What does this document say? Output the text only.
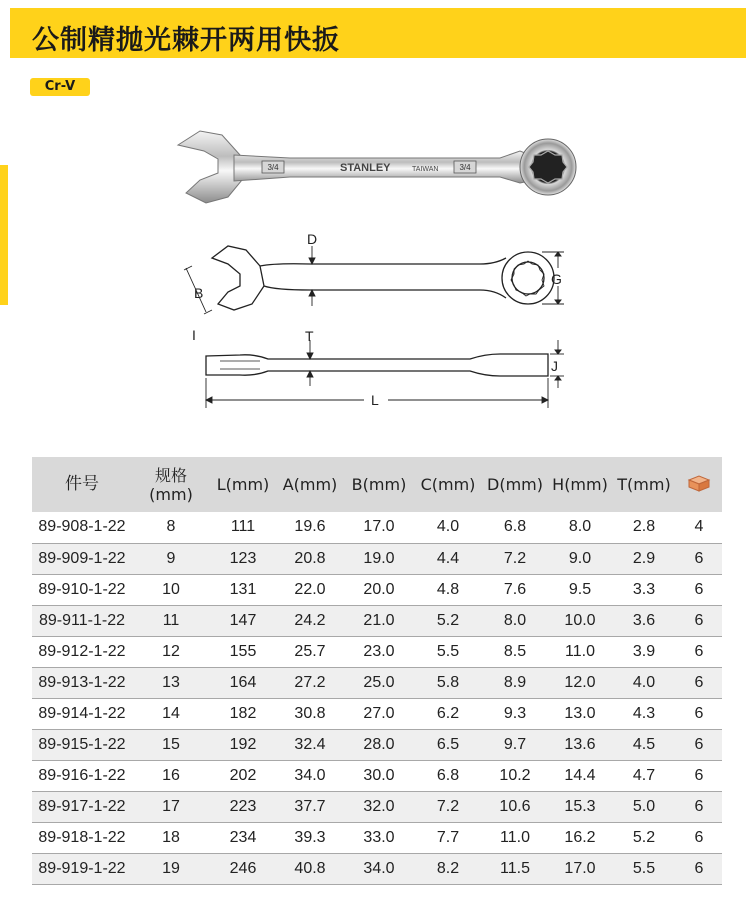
公制精抛光棘开两用快扳
Cr-V
3/4	STANLEY	TAIWAN	3/4
D
G
B
I	T
J
L
件号	规格
(mm)	L(mm)	A(mm)	B(mm)	C(mm)	D(mm)	H(mm)	T(mm)	
89-908-1-22	8	111	19.6	17.0	4.0	6.8	8.0	2.8	4
89-909-1-22	9	123	20.8	19.0	4.4	7.2	9.0	2.9	6
89-910-1-22	10	131	22.0	20.0	4.8	7.6	9.5	3.3	6
89-911-1-22	11	147	24.2	21.0	5.2	8.0	10.0	3.6	6
89-912-1-22	12	155	25.7	23.0	5.5	8.5	11.0	3.9	6
89-913-1-22	13	164	27.2	25.0	5.8	8.9	12.0	4.0	6
89-914-1-22	14	182	30.8	27.0	6.2	9.3	13.0	4.3	6
89-915-1-22	15	192	32.4	28.0	6.5	9.7	13.6	4.5	6
89-916-1-22	16	202	34.0	30.0	6.8	10.2	14.4	4.7	6
89-917-1-22	17	223	37.7	32.0	7.2	10.6	15.3	5.0	6
89-918-1-22	18	234	39.3	33.0	7.7	11.0	16.2	5.2	6
89-919-1-22	19	246	40.8	34.0	8.2	11.5	17.0	5.5	6
